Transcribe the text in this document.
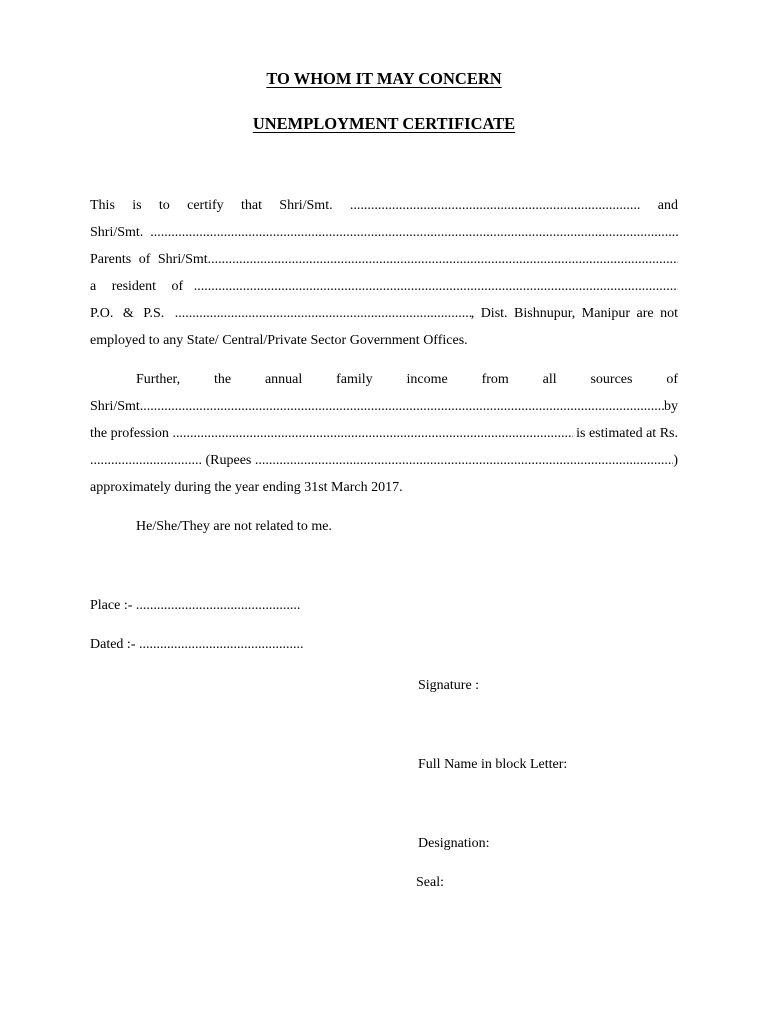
TO WHOM IT MAY CONCERN
UNEMPLOYMENT CERTIFICATE
This is to certify that Shri/Smt. ................................................................................... and
Shri/Smt.

.....
Parents of Shri/Smt
.....
a resident of

.....
P.O. & P.S.
.....	, Dist. Bishnupur, Manipur are not
employed to any State/ Central/Private Sector Government Offices.
Further, the annual family income from all sources of
Shri/Smt .....	by
the profession .....	is estimated at Rs.
................................ (Rupees .....	)
approximately during the year ending 31st March 2017.
He/She/They are not related to me.
Place :- ...............................................
Dated :- ...............................................
Signature :
Full Name in block Letter:
Designation:
Seal:
